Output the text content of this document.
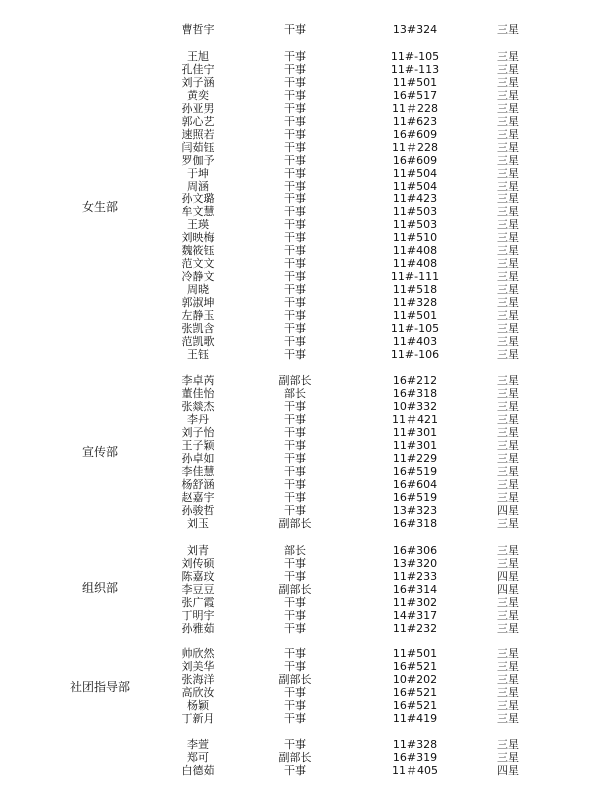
曹哲宇	干事	13#324	三星
女生部
王旭	干事	11#-105	三星
孔佳宁	干事	11#-113	三星
刘子涵	干事	11#501	三星
黄奕	干事	16#517	三星
孙亚男	干事	11＃228	三星
郭心艺	干事	11#623	三星
速照若	干事	16#609	三星
闫茹钰	干事	11＃228	三星
罗伽予	干事	16#609	三星
于坤	干事	11#504	三星
周涵	干事	11#504	三星
孙文璐	干事	11#423	三星
牟文慧	干事	11#503	三星
王瑛	干事	11#503	三星
刘映梅	干事	11#510	三星
魏筱钰	干事	11#408	三星
范文文	干事	11#408	三星
冷静文	干事	11#-111	三星
周晓	干事	11#518	三星
郭淑坤	干事	11#328	三星
左静玉	干事	11#501	三星
张凯含	干事	11#-105	三星
范凯歌	干事	11#403	三星
王钰	干事	11#-106	三星
宣传部
李卓芮	副部长	16#212	三星
董佳怡	部长	16#318	三星
张燚杰	干事	10#332	三星
李丹	干事	11＃421	三星
刘子怡	干事	11#301	三星
王子颖	干事	11#301	三星
孙卓如	干事	11#229	三星
李佳慧	干事	16#519	三星
杨舒涵	干事	16#604	三星
赵嘉宇	干事	16#519	三星
孙骏哲	干事	13#323	四星
刘玉	副部长	16#318	三星
组织部
刘青	部长	16#306	三星
刘传硕	干事	13#320	三星
陈嘉玟	干事	11#233	四星
李豆豆	副部长	16#314	四星
张广霞	干事	11#302	三星
丁明宇	干事	14#317	三星
孙雅茹	干事	11#232	三星
社团指导部
帅欣然	干事	11#501	三星
刘美华	干事	16#521	三星
张海洋	副部长	10#202	三星
高欣汝	干事	16#521	三星
杨颖	干事	16#521	三星
丁新月	干事	11#419	三星
李萱	干事	11#328	三星
郑可	副部长	16#319	三星
白德茹	干事	11＃405	四星
